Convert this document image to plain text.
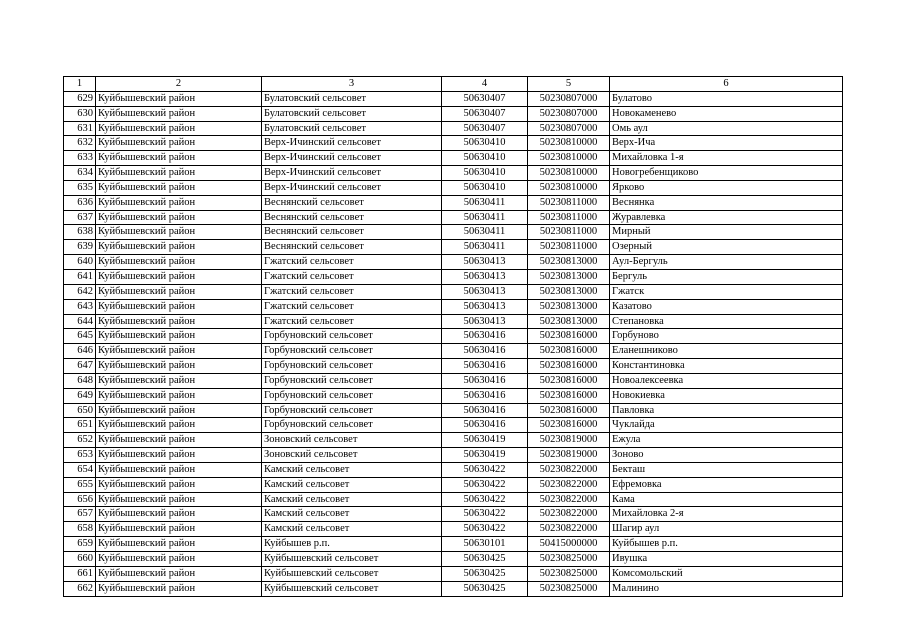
1	2	3	4	5	6
629	Куйбышевский район	Булатовский сельсовет	50630407	50230807000	Булатово
630	Куйбышевский район	Булатовский сельсовет	50630407	50230807000	Новокаменево
631	Куйбышевский район	Булатовский сельсовет	50630407	50230807000	Омь аул
632	Куйбышевский район	Верх-Ичинский сельсовет	50630410	50230810000	Верх-Ича
633	Куйбышевский район	Верх-Ичинский сельсовет	50630410	50230810000	Михайловка 1-я
634	Куйбышевский район	Верх-Ичинский сельсовет	50630410	50230810000	Новогребенщиково
635	Куйбышевский район	Верх-Ичинский сельсовет	50630410	50230810000	Ярково
636	Куйбышевский район	Веснянский сельсовет	50630411	50230811000	Веснянка
637	Куйбышевский район	Веснянский сельсовет	50630411	50230811000	Журавлевка
638	Куйбышевский район	Веснянский сельсовет	50630411	50230811000	Мирный
639	Куйбышевский район	Веснянский сельсовет	50630411	50230811000	Озерный
640	Куйбышевский район	Гжатский сельсовет	50630413	50230813000	Аул-Бергуль
641	Куйбышевский район	Гжатский сельсовет	50630413	50230813000	Бергуль
642	Куйбышевский район	Гжатский сельсовет	50630413	50230813000	Гжатск
643	Куйбышевский район	Гжатский сельсовет	50630413	50230813000	Казатово
644	Куйбышевский район	Гжатский сельсовет	50630413	50230813000	Степановка
645	Куйбышевский район	Горбуновский сельсовет	50630416	50230816000	Горбуново
646	Куйбышевский район	Горбуновский сельсовет	50630416	50230816000	Еланешниково
647	Куйбышевский район	Горбуновский сельсовет	50630416	50230816000	Константиновка
648	Куйбышевский район	Горбуновский сельсовет	50630416	50230816000	Новоалексеевка
649	Куйбышевский район	Горбуновский сельсовет	50630416	50230816000	Новокиевка
650	Куйбышевский район	Горбуновский сельсовет	50630416	50230816000	Павловка
651	Куйбышевский район	Горбуновский сельсовет	50630416	50230816000	Чуклайда
652	Куйбышевский район	Зоновский сельсовет	50630419	50230819000	Ежула
653	Куйбышевский район	Зоновский сельсовет	50630419	50230819000	Зоново
654	Куйбышевский район	Камский сельсовет	50630422	50230822000	Бекташ
655	Куйбышевский район	Камский сельсовет	50630422	50230822000	Ефремовка
656	Куйбышевский район	Камский сельсовет	50630422	50230822000	Кама
657	Куйбышевский район	Камский сельсовет	50630422	50230822000	Михайловка 2-я
658	Куйбышевский район	Камский сельсовет	50630422	50230822000	Шагир аул
659	Куйбышевский район	Куйбышев р.п.	50630101	50415000000	Куйбышев р.п.
660	Куйбышевский район	Куйбышевский сельсовет	50630425	50230825000	Ивушка
661	Куйбышевский район	Куйбышевский сельсовет	50630425	50230825000	Комсомольский
662	Куйбышевский район	Куйбышевский сельсовет	50630425	50230825000	Малинино
